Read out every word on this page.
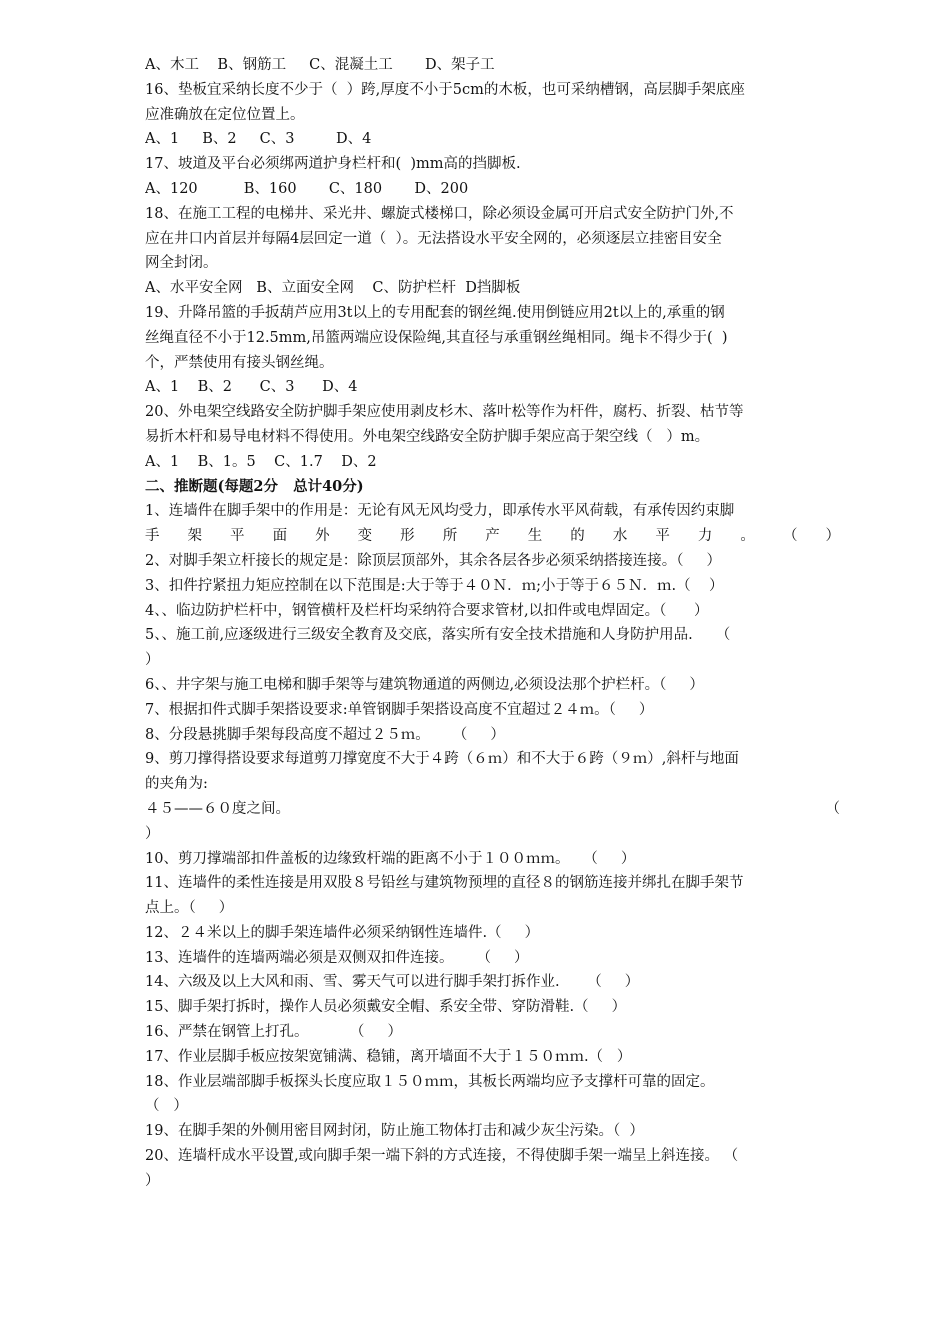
A、木工    B、钢筋工     C、混凝土工       D、架子工
16、垫板宜采纳长度不少于（  ）跨,厚度不小于5cm的木板，也可采纳槽钢，高层脚手架底座
应准确放在定位位置上。
A、1     B、2     C、3         D、4
17、坡道及平台必须绑两道护身栏杆和(  )mm高的挡脚板.
A、120          B、160       C、180       D、200
18、在施工工程的电梯井、采光井、螺旋式楼梯口，除必须设金属可开启式安全防护门外,不
应在井口内首层并每隔4层回定一道（  ）。无法搭设水平安全网的，必须逐层立挂密目安全
网全封闭。
A、水平安全网   B、立面安全网    C、防护栏杆  D挡脚板
19、升降吊篮的手扳葫芦应用3t以上的专用配套的钢丝绳.使用倒链应用2t以上的,承重的钢
丝绳直径不小于12.5mm,吊篮两端应设保险绳,其直径与承重钢丝绳相同。绳卡不得少于(  )
个，严禁使用有接头钢丝绳。
A、1    B、2      C、3      D、4
20、外电架空线路安全防护脚手架应使用剥皮杉木、落叶松等作为杆件，腐朽、折裂、枯节等
易折木杆和易导电材料不得使用。外电架空线路安全防护脚手架应高于架空线（   ）m。
A、1    B、1。5    C、1.7    D、2
二、推断题(每题2分   总计40分)
1、连墙件在脚手架中的作用是：无论有风无风均受力，即承传水平风荷载，有承传因约束脚
手 架 平 面 外 变 形 所 产 生 的 水 平 力 。 （ ）
2、对脚手架立杆接长的规定是：除顶层顶部外，其余各层各步必须采纳搭接连接。（     ）
3、扣件拧紧扭力矩应控制在以下范围是:大于等于４０Ｎ．ｍ;小于等于６５Ｎ．ｍ.（    ）
4、、临边防护栏杆中，钢管横杆及栏杆均采纳符合要求管材,以扣件或电焊固定。（      ）
5、、施工前,应逐级进行三级安全教育及交底，落实所有安全技术措施和人身防护用品.     （
）
6、、井字架与施工电梯和脚手架等与建筑物通道的两侧边,必须设法那个护栏杆。（     ）
7、根据扣件式脚手架搭设要求:单管钢脚手架搭设高度不宜超过２４ｍ。（     ）
8、分段悬挑脚手架每段高度不超过２５ｍ。     （     ）
9、剪刀撑得搭设要求每道剪刀撑宽度不大于４跨（６ｍ）和不大于６跨（９ｍ）,斜杆与地面
的夹角为:
４５——６０度之间。	（
）
10、剪刀撑端部扣件盖板的边缘致杆端的距离不小于１００ｍｍ。   （     ）
11、连墙件的柔性连接是用双股８号铅丝与建筑物预埋的直径８的钢筋连接并绑扎在脚手架节
点上。（     ）
12、２４米以上的脚手架连墙件必须采纳钢性连墙件.（     ）
13、连墙件的连墙两端必须是双侧双扣件连接。     （     ）
14、六级及以上大风和雨、雪、雾天气可以进行脚手架打拆作业.      （     ）
15、脚手架打拆时，操作人员必须戴安全帽、系安全带、穿防滑鞋.（     ）
16、严禁在钢管上打孔。         （     ）
17、作业层脚手板应按架宽铺满、稳铺，离开墙面不大于１５０ｍｍ.（   ）
18、作业层端部脚手板探头长度应取１５０ｍｍ，其板长两端均应予支撑杆可靠的固定。
（   ）
19、在脚手架的外侧用密目网封闭，防止施工物体打击和减少灰尘污染。（  ）
20、连墙杆成水平设置,或向脚手架一端下斜的方式连接，不得使脚手架一端呈上斜连接。 （
）
